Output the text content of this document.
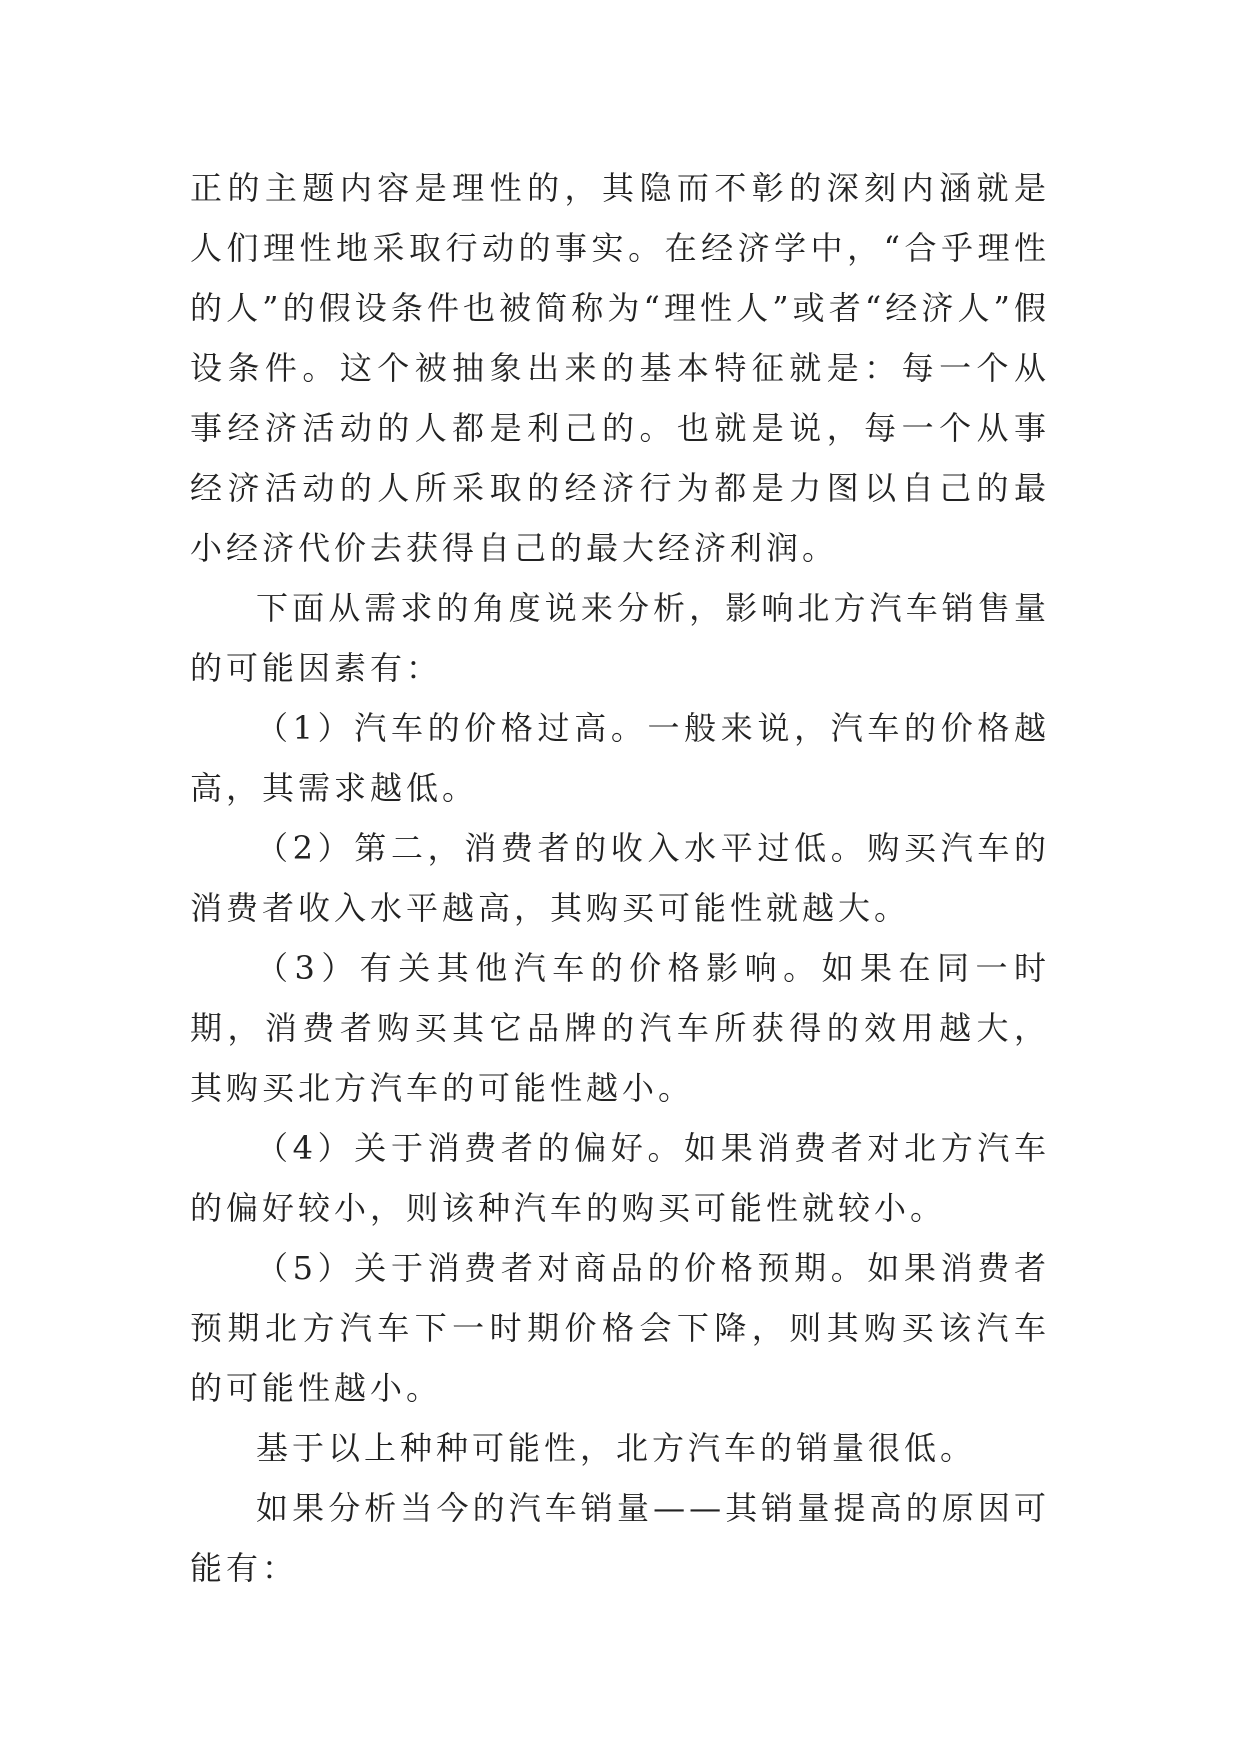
正的主题内容是理性的，其隐而不彰的深刻内涵就是人们理性地采取行动的事实。在经济学中，“合乎理性的人”的假设条件也被简称为“理性人”或者“经济人”假设条件。这个被抽象出来的基本特征就是：每一个从事经济活动的人都是利己的。也就是说，每一个从事经济活动的人所采取的经济行为都是力图以自己的最小经济代价去获得自己的最大经济利润。

下面从需求的角度说来分析，影响北方汽车销售量的可能因素有：

（1）汽车的价格过高。一般来说，汽车的价格越高，其需求越低。

（2）第二，消费者的收入水平过低。购买汽车的消费者收入水平越高，其购买可能性就越大。

（3）有关其他汽车的价格影响。如果在同一时期，消费者购买其它品牌的汽车所获得的效用越大，其购买北方汽车的可能性越小。

（4）关于消费者的偏好。如果消费者对北方汽车的偏好较小，则该种汽车的购买可能性就较小。

（5）关于消费者对商品的价格预期。如果消费者预期北方汽车下一时期价格会下降，则其购买该汽车的可能性越小。

基于以上种种可能性，北方汽车的销量很低。

如果分析当今的汽车销量——其销量提高的原因可能有：
